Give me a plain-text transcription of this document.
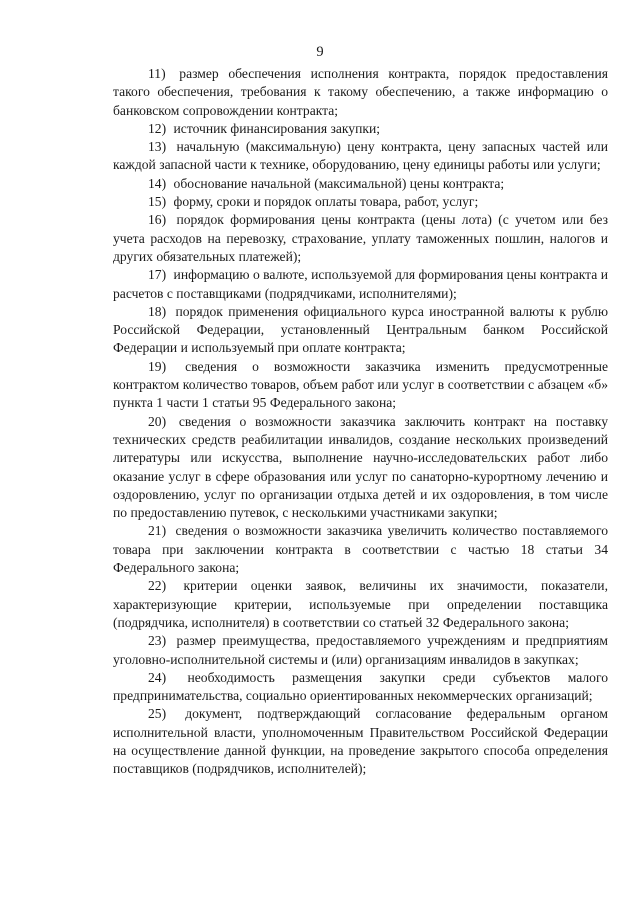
9

11) размер обеспечения исполнения контракта, порядок предоставления такого обеспечения, требования к такому обеспечению, а также информацию о банковском сопровождении контракта;

12) источник финансирования закупки;

13) начальную (максимальную) цену контракта, цену запасных частей или каждой запасной части к технике, оборудованию, цену единицы работы или услуги;

14) обоснование начальной (максимальной) цены контракта;

15) форму, сроки и порядок оплаты товара, работ, услуг;

16) порядок формирования цены контракта (цены лота) (с учетом или без учета расходов на перевозку, страхование, уплату таможенных пошлин, налогов и других обязательных платежей);

17) информацию о валюте, используемой для формирования цены контракта и расчетов с поставщиками (подрядчиками, исполнителями);

18) порядок применения официального курса иностранной валюты к рублю Российской Федерации, установленный Центральным банком Российской Федерации и используемый при оплате контракта;

19) сведения о возможности заказчика изменить предусмотренные контрактом количество товаров, объем работ или услуг в соответствии с абзацем «б» пункта 1 части 1 статьи 95 Федерального закона;

20) сведения о возможности заказчика заключить контракт на поставку технических средств реабилитации инвалидов, создание нескольких произведений литературы или искусства, выполнение научно-исследовательских работ либо оказание услуг в сфере образования или услуг по санаторно-курортному лечению и оздоровлению, услуг по организации отдыха детей и их оздоровления, в том числе по предоставлению путевок, с несколькими участниками закупки;

21) сведения о возможности заказчика увеличить количество поставляемого товара при заключении контракта в соответствии с частью 18 статьи 34 Федерального закона;

22) критерии оценки заявок, величины их значимости, показатели, характеризующие критерии, используемые при определении поставщика (подрядчика, исполнителя) в соответствии со статьей 32 Федерального закона;

23) размер преимущества, предоставляемого учреждениям и предприятиям уголовно-исполнительной системы и (или) организациям инвалидов в закупках;

24) необходимость размещения закупки среди субъектов малого предпринимательства, социально ориентированных некоммерческих организаций;

25) документ, подтверждающий согласование федеральным органом исполнительной власти, уполномоченным Правительством Российской Федерации на осуществление данной функции, на проведение закрытого способа определения поставщиков (подрядчиков, исполнителей);
